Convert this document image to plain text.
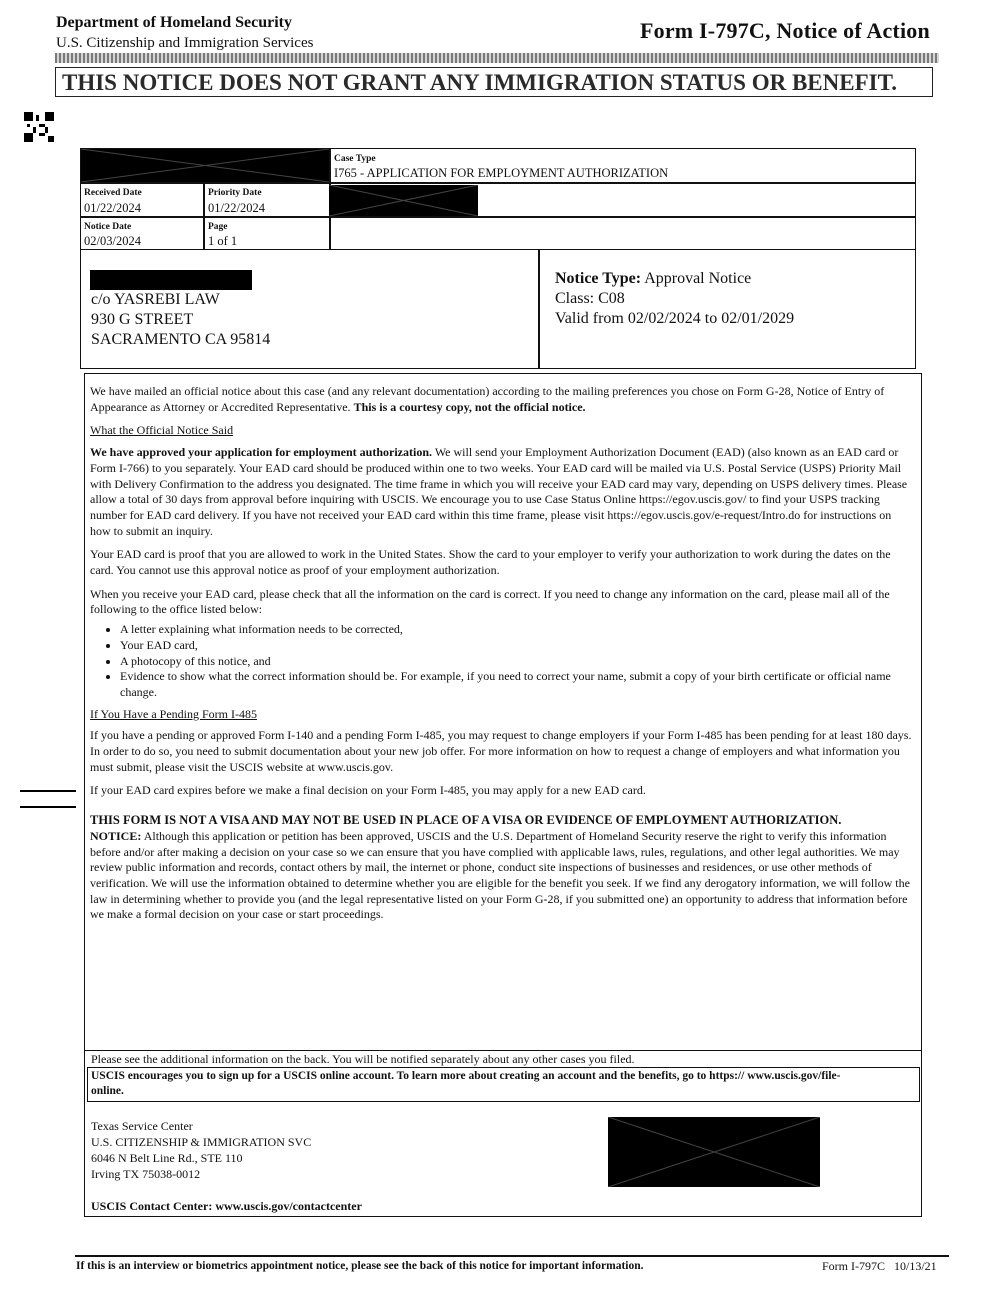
Department of Homeland Security
U.S. Citizenship and Immigration Services	Form I-797C, Notice of Action
THIS NOTICE DOES NOT GRANT ANY IMMIGRATION STATUS OR BENEFIT.
Case Type
I765 - APPLICATION FOR EMPLOYMENT AUTHORIZATION
Received Date
01/22/2024
Priority Date
01/22/2024
Notice Date
02/03/2024
Page
1 of 1
c/o YASREBI LAW
930 G STREET
SACRAMENTO CA 95814
Notice Type: Approval Notice
Class: C08
Valid from 02/02/2024 to 02/01/2029

We have mailed an official notice about this case (and any relevant documentation) according to the mailing preferences you chose on Form G-28, Notice of Entry of Appearance as Attorney or Accredited Representative. This is a courtesy copy, not the official notice.

What the Official Notice Said

We have approved your application for employment authorization. We will send your Employment Authorization Document (EAD) (also known as an EAD card or Form I-766) to you separately. Your EAD card should be produced within one to two weeks. Your EAD card will be mailed via U.S. Postal Service (USPS) Priority Mail with Delivery Confirmation to the address you designated. The time frame in which you will receive your EAD card may vary, depending on USPS delivery times. Please allow a total of 30 days from approval before inquiring with USCIS. We encourage you to use Case Status Online https://egov.uscis.gov/ to find your USPS tracking number for EAD card delivery. If you have not received your EAD card within this time frame, please visit https://egov.uscis.gov/e-request/Intro.do for instructions on how to submit an inquiry.

Your EAD card is proof that you are allowed to work in the United States. Show the card to your employer to verify your authorization to work during the dates on the card. You cannot use this approval notice as proof of your employment authorization.

When you receive your EAD card, please check that all the information on the card is correct. If you need to change any information on the card, please mail all of the following to the office listed below:

• A letter explaining what information needs to be corrected,
• Your EAD card,
• A photocopy of this notice, and
• Evidence to show what the correct information should be. For example, if you need to correct your name, submit a copy of your birth certificate or official name change.

If You Have a Pending Form I-485

If you have a pending or approved Form I-140 and a pending Form I-485, you may request to change employers if your Form I-485 has been pending for at least 180 days. In order to do so, you need to submit documentation about your new job offer. For more information on how to request a change of employers and what information you must submit, please visit the USCIS website at www.uscis.gov.

If your EAD card expires before we make a final decision on your Form I-485, you may apply for a new EAD card.

THIS FORM IS NOT A VISA AND MAY NOT BE USED IN PLACE OF A VISA OR EVIDENCE OF EMPLOYMENT AUTHORIZATION.

NOTICE: Although this application or petition has been approved, USCIS and the U.S. Department of Homeland Security reserve the right to verify this information before and/or after making a decision on your case so we can ensure that you have complied with applicable laws, rules, regulations, and other legal authorities. We may review public information and records, contact others by mail, the internet or phone, conduct site inspections of businesses and residences, or use other methods of verification. We will use the information obtained to determine whether you are eligible for the benefit you seek. If we find any derogatory information, we will follow the law in determining whether to provide you (and the legal representative listed on your Form G-28, if you submitted one) an opportunity to address that information before we make a formal decision on your case or start proceedings.

Please see the additional information on the back. You will be notified separately about any other cases you filed.
USCIS encourages you to sign up for a USCIS online account. To learn more about creating an account and the benefits, go to https:// www.uscis.gov/file-online.
Texas Service Center
U.S. CITIZENSHIP & IMMIGRATION SVC
6046 N Belt Line Rd., STE 110
Irving TX 75038-0012
USCIS Contact Center: www.uscis.gov/contactcenter
If this is an interview or biometrics appointment notice, please see the back of this notice for important information.	Form I-797C   10/13/21
